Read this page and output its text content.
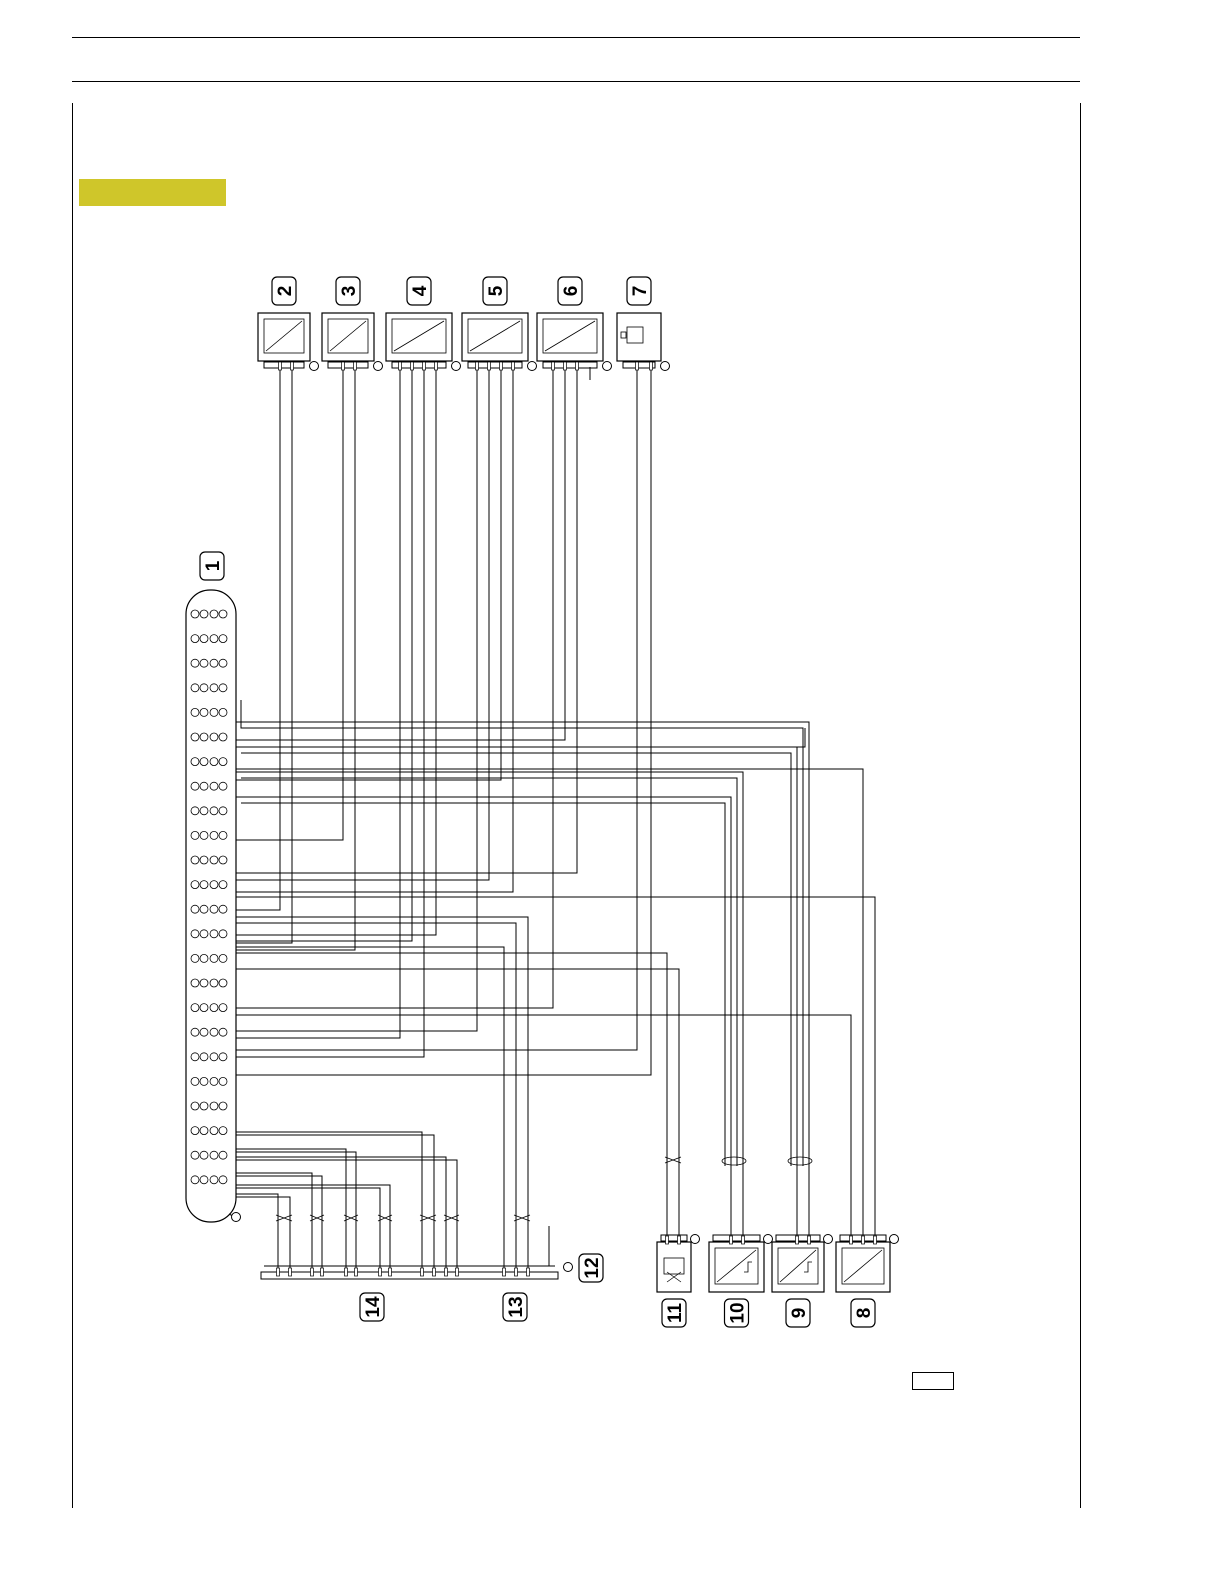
1
2 3	4	5	6	7
11 10 9 8
12
14	13
